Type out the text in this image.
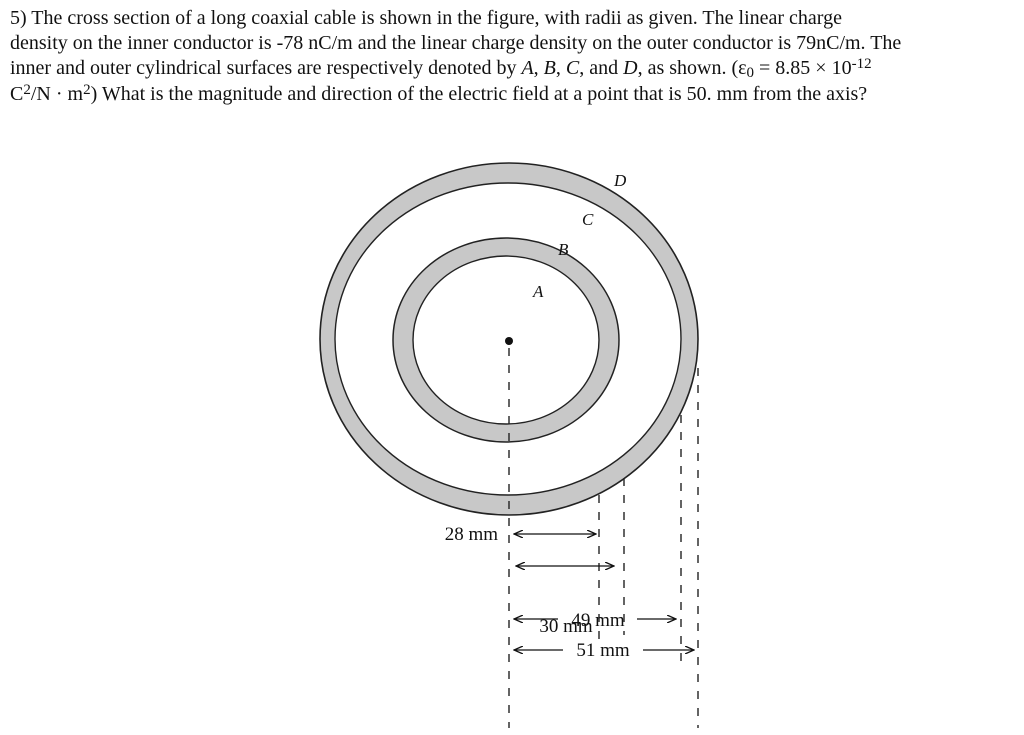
5) The cross section of a long coaxial cable is shown in the figure, with radii as given. The linear charge
density on the inner conductor is -78 nC/m and the linear charge density on the outer conductor is 79nC/m. The
inner and outer cylindrical surfaces are respectively denoted by A, B, C, and D, as shown. ($\varepsilon_0 = 8.85 \times 10^{-12}$
$C^2/N \cdot m^2$) What is the magnitude and direction of the electric field at a point that is 50. mm from the axis?
28 mm
30 mm
49 mm
51 mm
A
B
C
D
